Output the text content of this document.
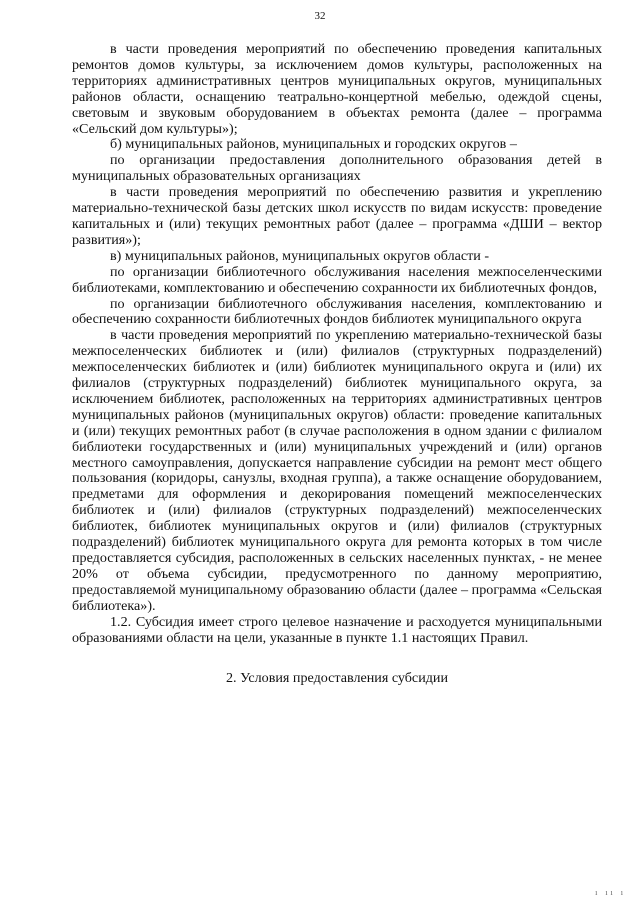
32

в части проведения мероприятий по обеспечению проведения капитальных ремонтов домов культуры, за исключением домов культуры, расположенных на территориях административных центров муниципальных округов, муниципальных районов области, оснащению театрально-концертной мебелью, одеждой сцены, световым и звуковым оборудованием в объектах ремонта (далее – программа «Сельский дом культуры»);

б) муниципальных районов, муниципальных и городских округов –

по организации предоставления дополнительного образования детей в муниципальных образовательных организациях

в части проведения мероприятий по обеспечению развития и укреплению материально-технической базы детских школ искусств по видам искусств: проведение капитальных и (или) текущих ремонтных работ (далее – программа «ДШИ – вектор развития»);

в) муниципальных районов, муниципальных округов области -

по организации библиотечного обслуживания населения межпоселенческими библиотеками, комплектованию и обеспечению сохранности их библиотечных фондов,

по организации библиотечного обслуживания населения, комплектованию и обеспечению сохранности библиотечных фондов библиотек муниципального округа

в части проведения мероприятий по укреплению материально-технической базы межпоселенческих библиотек и (или) филиалов (структурных подразделений) межпоселенческих библиотек и (или) библиотек муниципального округа и (или) их филиалов (структурных подразделений) библиотек муниципального округа, за исключением библиотек, расположенных на территориях административных центров муниципальных районов (муниципальных округов) области: проведение капитальных и (или) текущих ремонтных работ (в случае расположения в одном здании с филиалом библиотеки государственных и (или) муниципальных учреждений и (или) органов местного самоуправления, допускается направление субсидии на ремонт мест общего пользования (коридоры, санузлы, входная группа), а также оснащение оборудованием, предметами для оформления и декорирования помещений межпоселенческих библиотек и (или) филиалов (структурных подразделений) межпоселенческих библиотек, библиотек муниципальных округов и (или) филиалов (структурных подразделений) библиотек муниципального округа для ремонта которых в том числе предоставляется субсидия, расположенных в сельских населенных пунктах, - не менее 20% от объема субсидии, предусмотренного по данному мероприятию, предоставляемой муниципальному образованию области (далее – программа «Сельская библиотека»).

1.2. Субсидия имеет строго целевое назначение и расходуется муниципальными образованиями области на цели, указанные в пункте 1.1 настоящих Правил.

2. Условия предоставления субсидии

ı ıı ı
